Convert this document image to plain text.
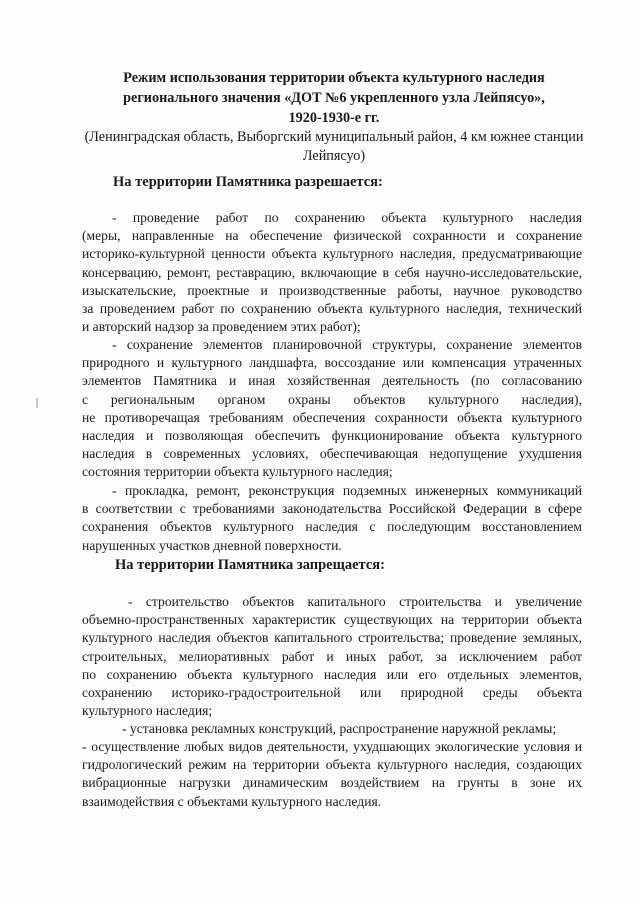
Режим использования территории объекта культурного наследия
регионального значения «ДОТ №6 укрепленного узла Лейпясуо»,
1920-1930-е гг.
(Ленинградская область, Выборгский муниципальный район, 4 км южнее станции
Лейпясуо)
На территории Памятника разрешается:
- проведение работ по сохранению объекта культурного наследия
(меры, направленные на обеспечение физической сохранности и сохранение
историко-культурной ценности объекта культурного наследия, предусматривающие
консервацию, ремонт, реставрацию, включающие в себя научно-исследовательские,
изыскательские, проектные и производственные работы, научное руководство
за проведением работ по сохранению объекта культурного наследия, технический
и авторский надзор за проведением этих работ);
- сохранение элементов планировочной структуры, сохранение элементов
природного и культурного ландшафта, воссоздание или компенсация утраченных
элементов Памятника и иная хозяйственная деятельность (по согласованию
с региональным органом охраны объектов культурного наследия),
не противоречащая требованиям обеспечения сохранности объекта культурного
наследия и позволяющая обеспечить функционирование объекта культурного
наследия в современных условиях, обеспечивающая недопущение ухудшения
состояния территории объекта культурного наследия;
- прокладка, ремонт, реконструкция подземных инженерных коммуникаций
в соответствии с требованиями законодательства Российской Федерации в сфере
сохранения объектов культурного наследия с последующим восстановлением
нарушенных участков дневной поверхности.
На территории Памятника запрещается:
- строительство объектов капитального строительства и увеличение
объемно-пространственных характеристик существующих на территории объекта
культурного наследия объектов капитального строительства; проведение земляных,
строительных, мелиоративных работ и иных работ, за исключением работ
по сохранению объекта культурного наследия или его отдельных элементов,
сохранению историко-градостроительной или природной среды объекта
культурного наследия;
- установка рекламных конструкций, распространение наружной рекламы;
- осуществление любых видов деятельности, ухудшающих экологические условия и
гидрологический режим на территории объекта культурного наследия, создающих
вибрационные нагрузки динамическим воздействием на грунты в зоне их
взаимодействия с объектами культурного наследия.
